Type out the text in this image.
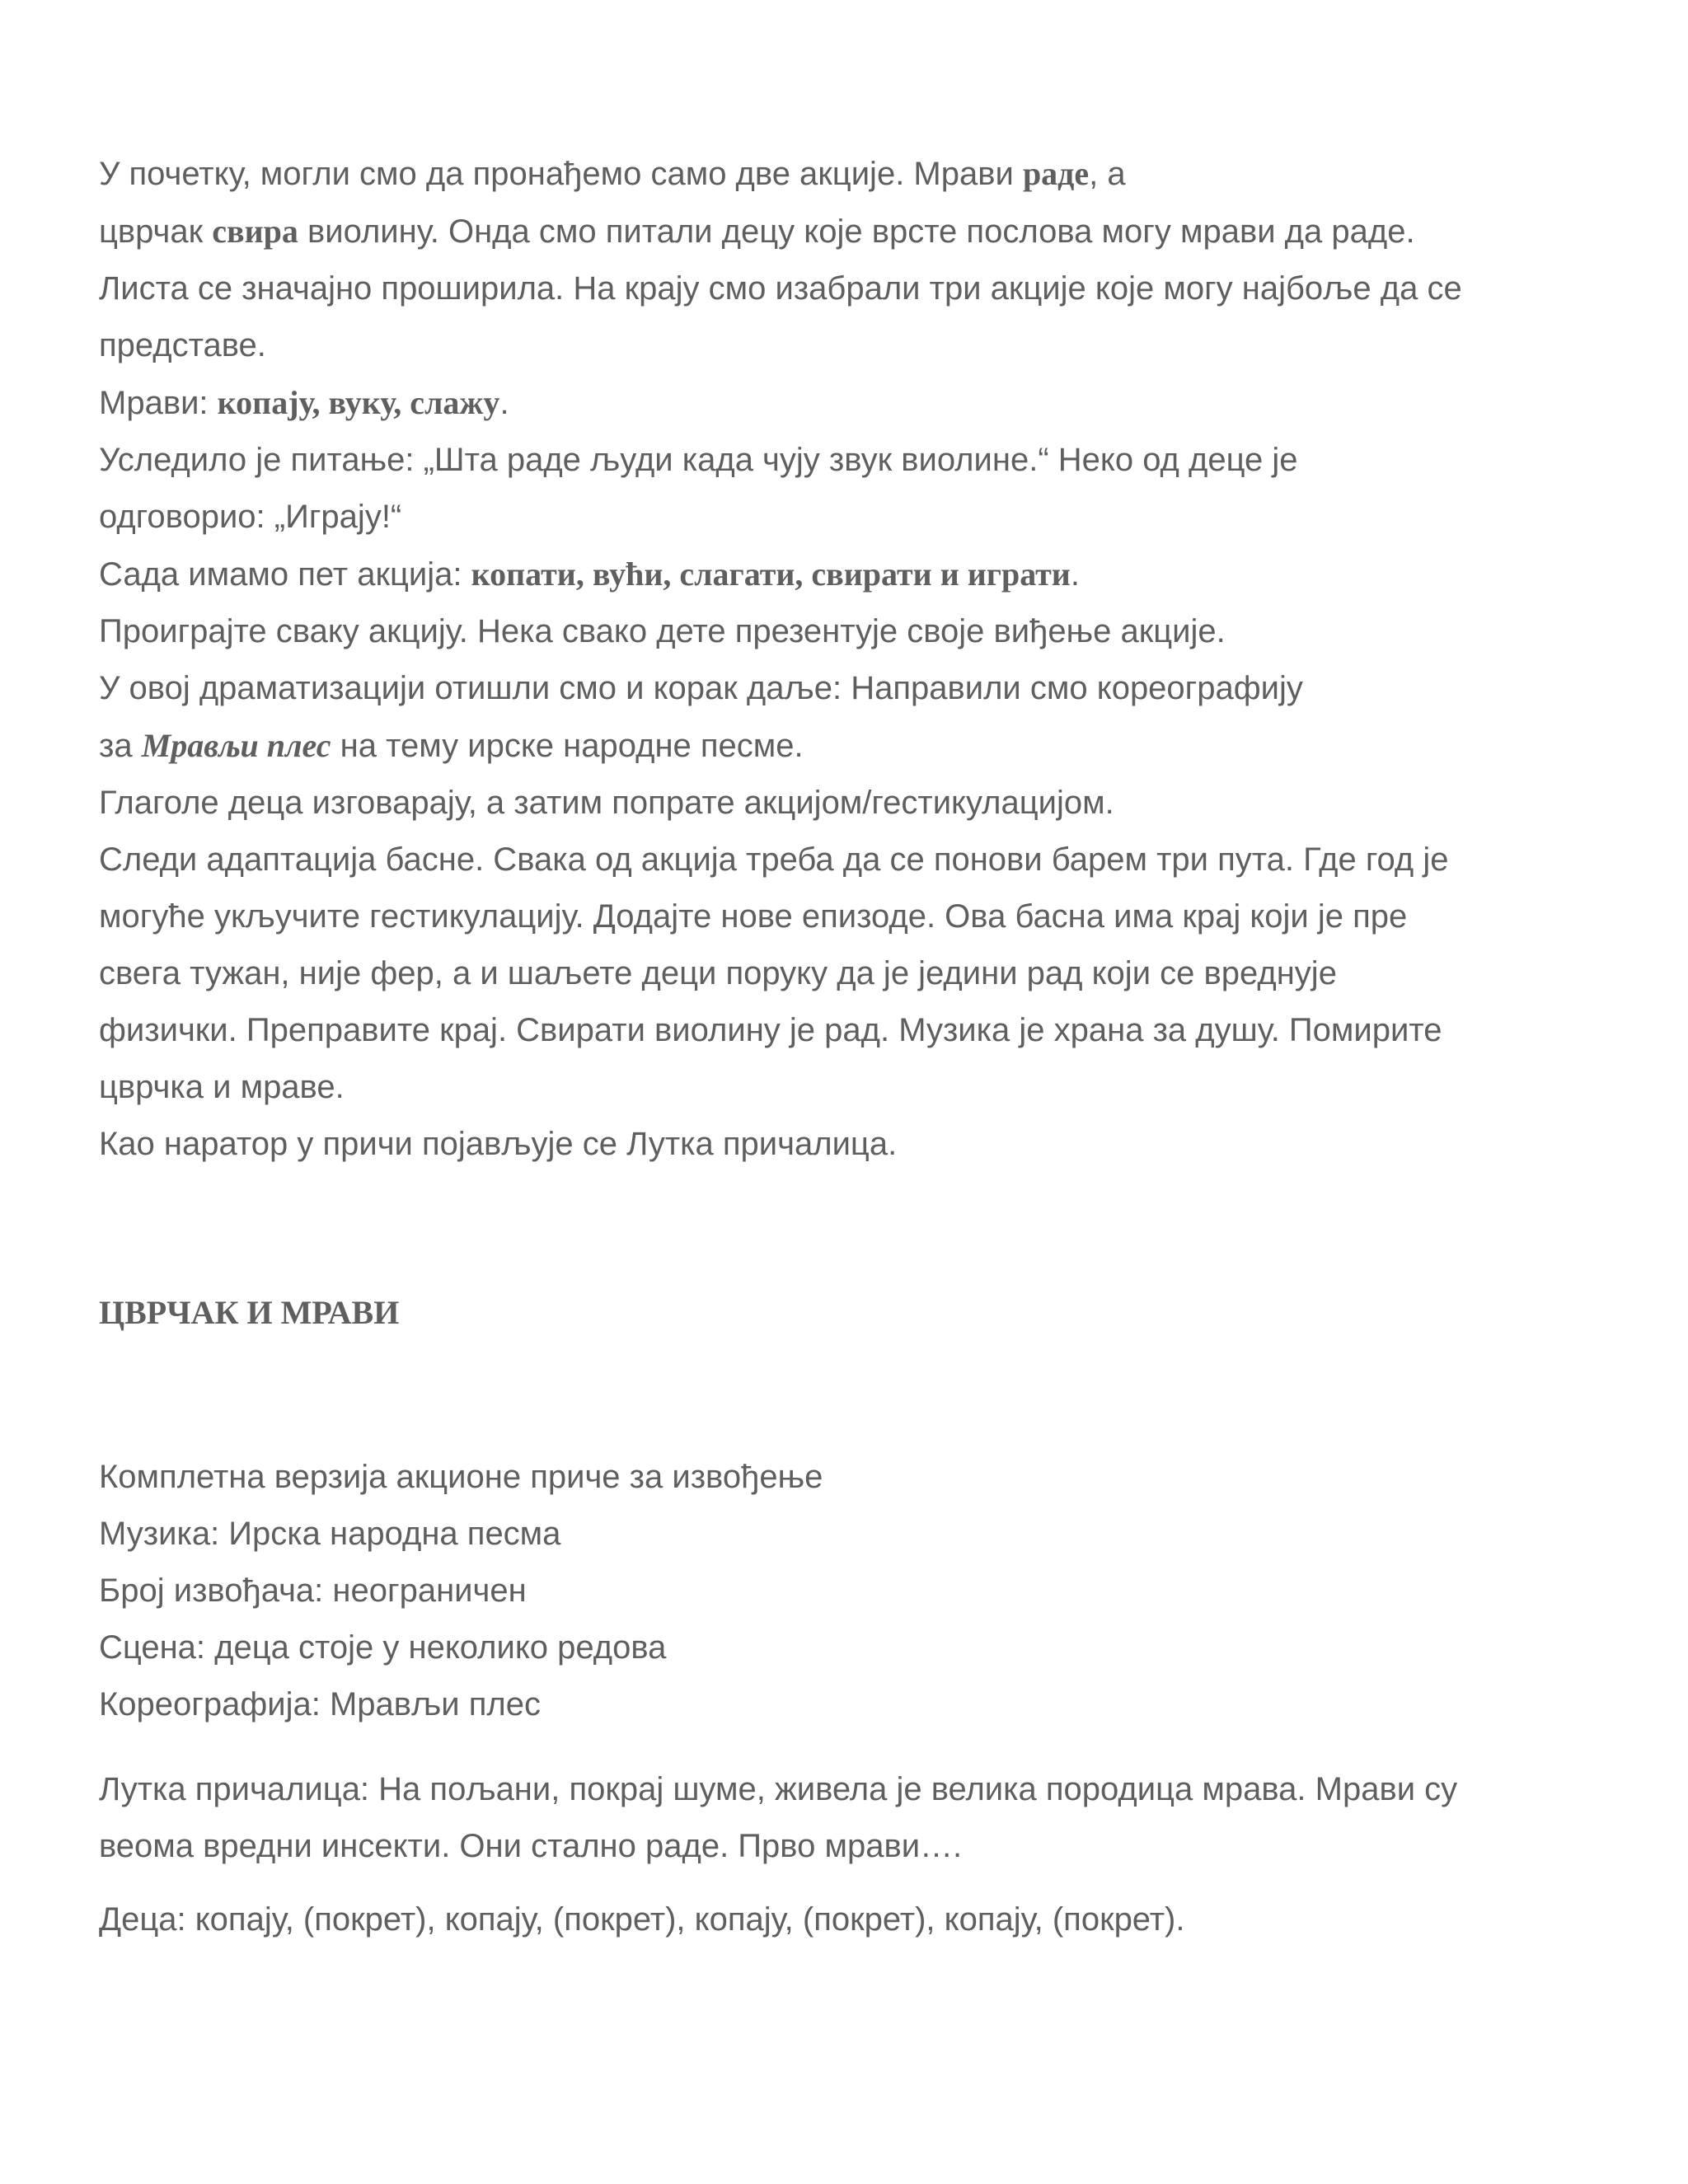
У почетку, могли смо да пронађемо само две акције. Мрави раде, а
цврчак свира виолину. Онда смо питали децу које врсте послова могу мрави да раде.
Листа се значајно проширила. На крају смо изабрали три акције које могу најбоље да се
представе.
Мрави: копају, вуку, слажу.
Уследило је питање: „Шта раде људи када чују звук виолине.“ Неко од деце је
одговорио: „Играју!“
Сада имамо пет акција: копати, вући, слагати, свирати и играти.
Проиграјте сваку акцију. Нека свако дете презентује своје виђење акције.
У овој драматизацији отишли смо и корак даље: Направили смо кореографију
за Мрављи плес на тему ирске народне песме.
Глаголе деца изговарају, а затим попрате акцијом/гестикулацијом.
Следи адаптација басне. Свака од акција треба да се понови барем три пута. Где год је
могуће укључите гестикулацију. Додајте нове епизоде. Ова басна има крај који је пре
свега тужан, није фер, а и шаљете деци поруку да је једини рад који се вреднује
физички. Преправите крај. Свирати виолину је рад. Музика је храна за душу. Помирите
цврчка и мраве.
Као наратор у причи појављује се Лутка причалица.
ЦВРЧАК И МРАВИ
Комплетна верзија акционе приче за извођење
Музика: Ирска народна песма
Број извођача: неограничен
Сцена: деца стоје у неколико редова
Кореографија: Мрављи плес
Лутка причалица: На пољани, покрај шуме, живела је велика породица мрава. Мрави су
веома вредни инсекти. Они стално раде. Прво мрави….
Деца: копају, (покрет), копају, (покрет), копају, (покрет), копају, (покрет).
